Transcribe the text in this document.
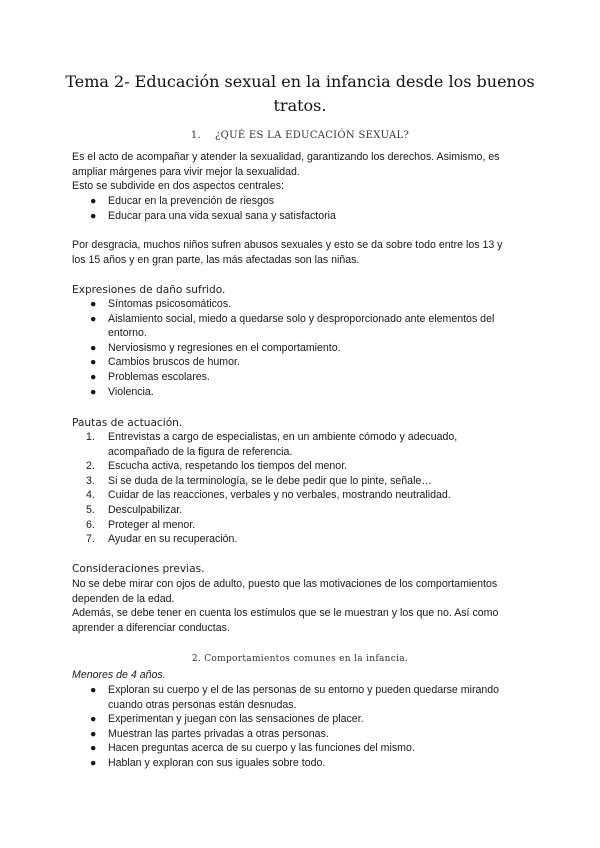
Tema 2- Educación sexual en la infancia desde los buenos tratos.
1. ¿QUÉ ES LA EDUCACIÓN SEXUAL?
Es el acto de acompañar y atender la sexualidad, garantizando los derechos. Asimismo, es
ampliar márgenes para vivir mejor la sexualidad.
Esto se subdivide en dos aspectos centrales:
● Educar en la prevención de riesgos
● Educar para una vida sexual sana y satisfactoria
Por desgracia, muchos niños sufren abusos sexuales y esto se da sobre todo entre los 13 y
los 15 años y en gran parte, las más afectadas son las niñas.
Expresiones de daño sufrido.
● Síntomas psicosomáticos.
● Aislamiento social, miedo a quedarse solo y desproporcionado ante elementos del
entorno.
● Nerviosismo y regresiones en el comportamiento.
● Cambios bruscos de humor.
● Problemas escolares.
● Violencia.
Pautas de actuación.
1. Entrevistas a cargo de especialistas, en un ambiente cómodo y adecuado,
acompañado de la figura de referencia.
2. Escucha activa, respetando los tiempos del menor.
3. Si se duda de la terminología, se le debe pedir que lo pinte, señale…
4. Cuidar de las reacciones, verbales y no verbales, mostrando neutralidad.
5. Desculpabilizar.
6. Proteger al menor.
7. Ayudar en su recuperación.
Consideraciones previas.
No se debe mirar con ojos de adulto, puesto que las motivaciones de los comportamientos
dependen de la edad.
Además, se debe tener en cuenta los estímulos que se le muestran y los que no. Así como
aprender a diferenciar conductas.
2. Comportamientos comunes en la infancia.
Menores de 4 años.
● Exploran su cuerpo y el de las personas de su entorno y pueden quedarse mirando
cuando otras personas están desnudas.
● Experimentan y juegan con las sensaciones de placer.
● Muestran las partes privadas a otras personas.
● Hacen preguntas acerca de su cuerpo y las funciones del mismo.
● Hablan y exploran con sus iguales sobre todo.
